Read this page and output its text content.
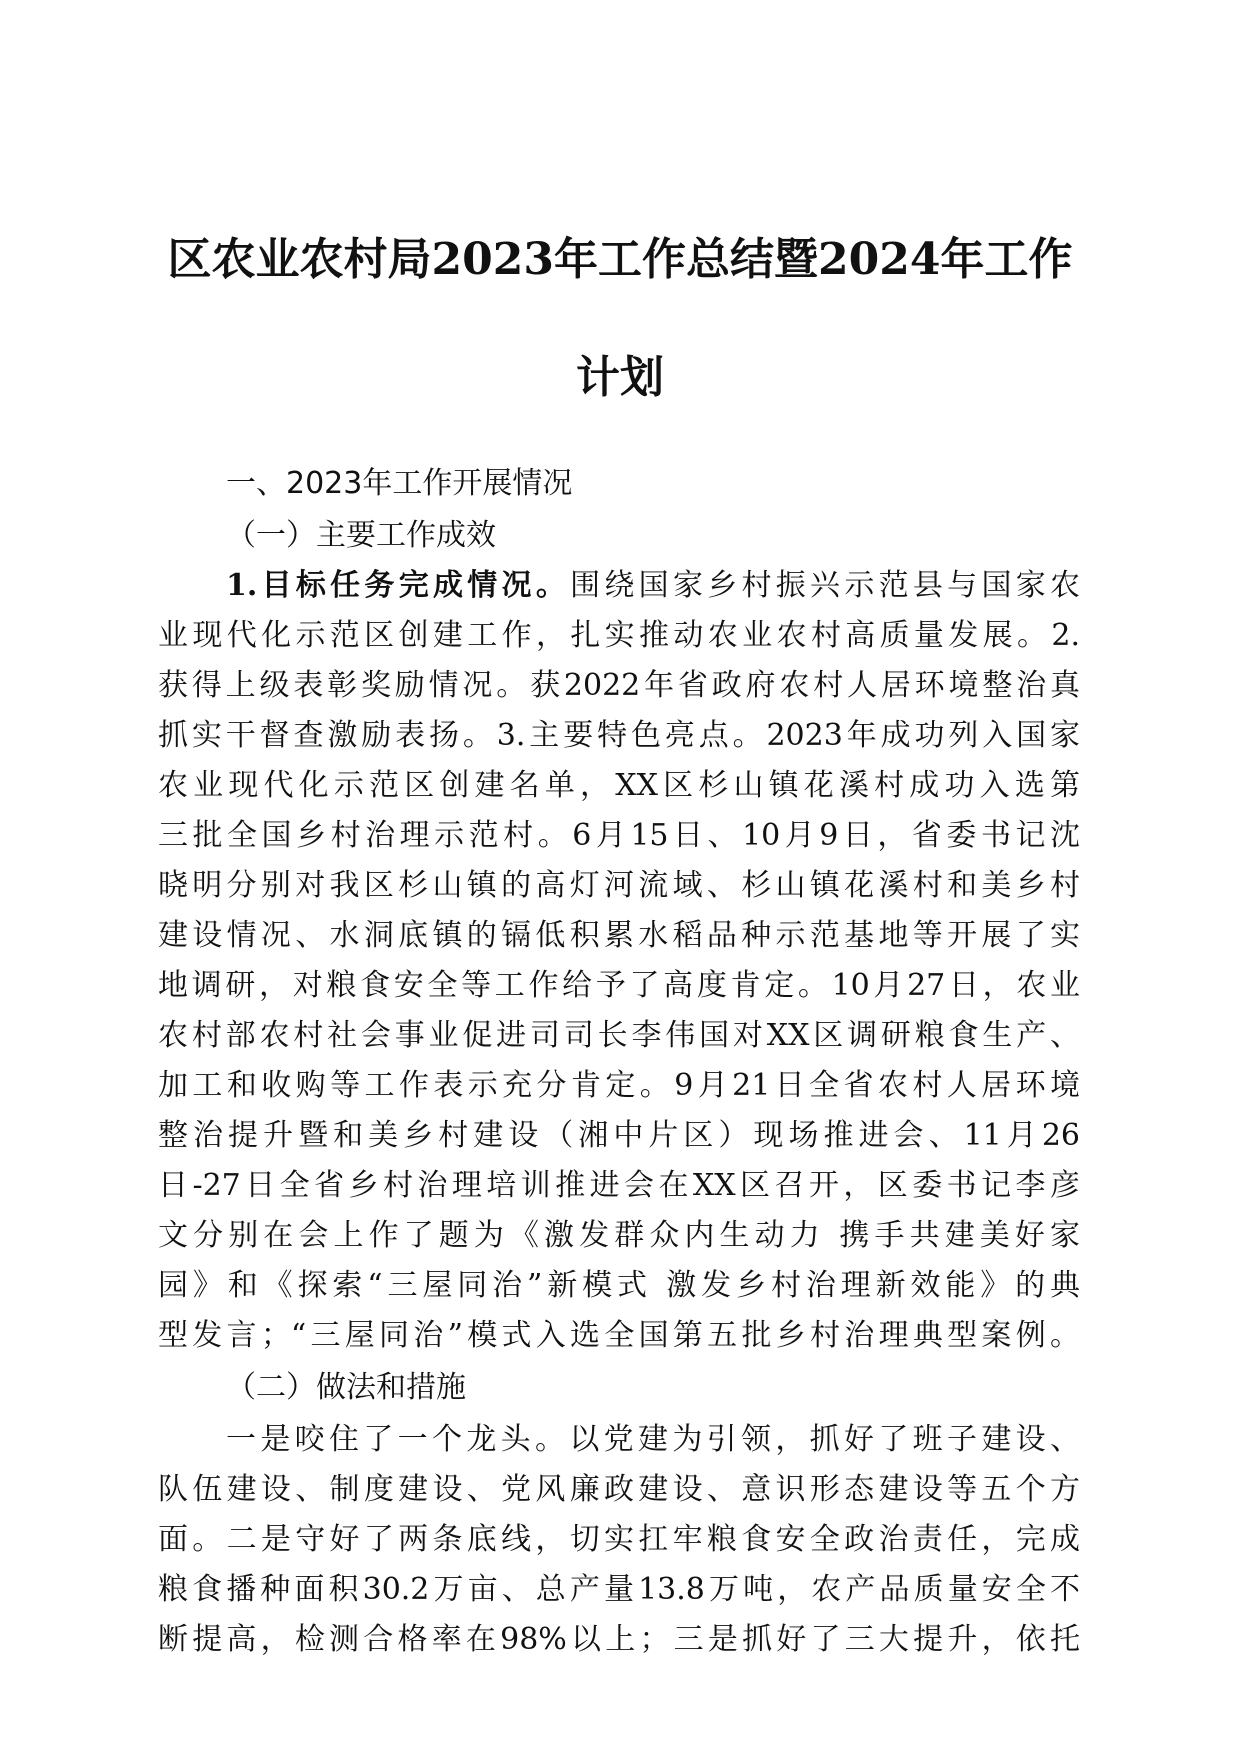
区农业农村局2023年工作总结暨2024年工作
计划

一、2023年工作开展情况

（一）主要工作成效

1.目标任务完成情况。围绕国家乡村振兴示范县与国家农

业现代化示范区创建工作，扎实推动农业农村高质量发展。2.

获得上级表彰奖励情况。获2022年省政府农村人居环境整治真

抓实干督查激励表扬。3.主要特色亮点。2023年成功列入国家

农业现代化示范区创建名单，XX区杉山镇花溪村成功入选第

三批全国乡村治理示范村。6月15日、10月9日，省委书记沈

晓明分别对我区杉山镇的高灯河流域、杉山镇花溪村和美乡村

建设情况、水洞底镇的镉低积累水稻品种示范基地等开展了实

地调研，对粮食安全等工作给予了高度肯定。10月27日，农业

农村部农村社会事业促进司司长李伟国对XX区调研粮食生产、

加工和收购等工作表示充分肯定。9月21日全省农村人居环境

整治提升暨和美乡村建设（湘中片区）现场推进会、11月26

日-27日全省乡村治理培训推进会在XX区召开，区委书记李彦

文分别在会上作了题为《激发群众内生动力 携手共建美好家

园》和《探索“三屋同治”新模式 激发乡村治理新效能》的典

型发言；“三屋同治”模式入选全国第五批乡村治理典型案例。

（二）做法和措施

一是咬住了一个龙头。以党建为引领，抓好了班子建设、

队伍建设、制度建设、党风廉政建设、意识形态建设等五个方

面。二是守好了两条底线，切实扛牢粮食安全政治责任，完成

粮食播种面积30.2万亩、总产量13.8万吨，农产品质量安全不

断提高，检测合格率在98%以上；三是抓好了三大提升，依托
